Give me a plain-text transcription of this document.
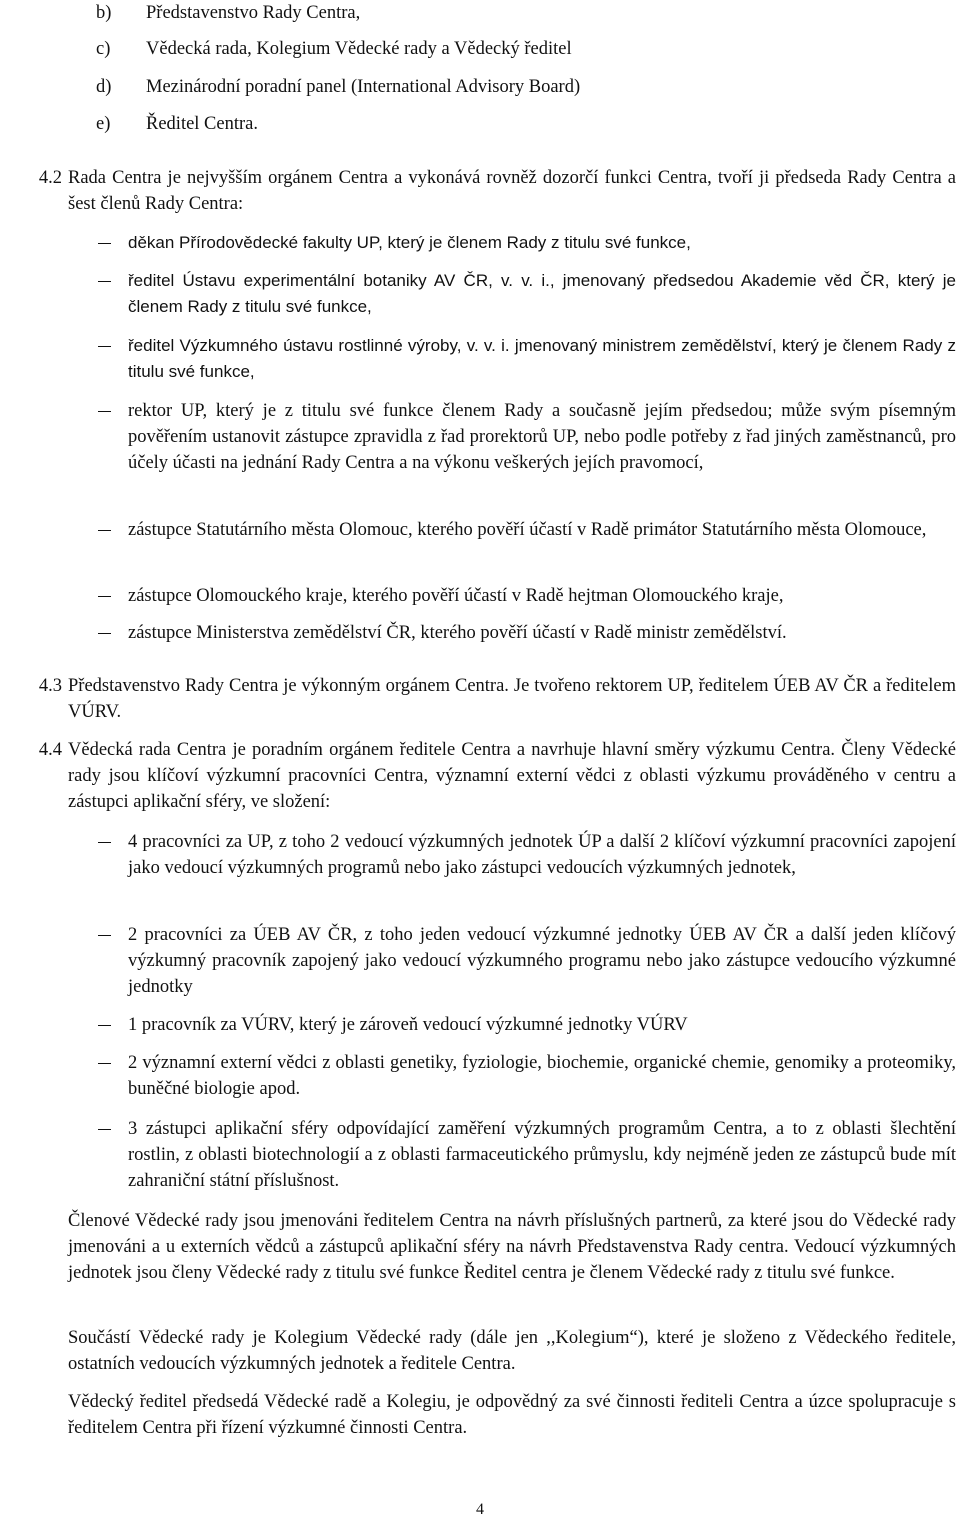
b)	Představenstvo Rady Centra,
c)	Vědecká rada, Kolegium Vědecké rady a Vědecký ředitel
d)	Mezinárodní poradní panel (International Advisory Board)
e)	Ředitel Centra.
4.2 Rada Centra je nejvyšším orgánem Centra a vykonává rovněž dozorčí funkci Centra, tvoří ji předseda Rady Centra a šest členů Rady Centra:
děkan Přírodovědecké fakulty UP, který je členem Rady z titulu své funkce,
ředitel Ústavu experimentální botaniky AV ČR, v. v. i., jmenovaný předsedou Akademie věd ČR, který je členem Rady z titulu své funkce,
ředitel Výzkumného ústavu rostlinné výroby, v. v. i. jmenovaný ministrem zemědělství, který je členem Rady z titulu své funkce,
rektor UP, který je z titulu své funkce členem Rady a současně jejím předsedou; může svým písemným pověřením ustanovit zástupce zpravidla z řad prorektorů UP, nebo podle potřeby z řad jiných zaměstnanců, pro účely účasti na jednání Rady Centra a na výkonu veškerých jejích pravomocí,
zástupce Statutárního města Olomouc, kterého pověří účastí v Radě primátor Statutárního města Olomouce,
zástupce Olomouckého kraje, kterého pověří účastí v Radě hejtman Olomouckého kraje,
zástupce Ministerstva zemědělství ČR, kterého pověří účastí v Radě ministr zemědělství.
4.3 Představenstvo Rady Centra je výkonným orgánem Centra. Je tvořeno rektorem UP, ředitelem ÚEB AV ČR a ředitelem VÚRV.
4.4 Vědecká rada Centra je poradním orgánem ředitele Centra a navrhuje hlavní směry výzkumu Centra. Členy Vědecké rady jsou klíčoví výzkumní pracovníci Centra, významní externí vědci z oblasti výzkumu prováděného v centru a zástupci aplikační sféry, ve složení:
4 pracovníci za UP, z toho 2 vedoucí výzkumných jednotek ÚP a další 2 klíčoví výzkumní pracovníci zapojení jako vedoucí výzkumných programů nebo jako zástupci vedoucích výzkumných jednotek,
2 pracovníci za ÚEB AV ČR, z toho jeden vedoucí výzkumné jednotky ÚEB AV ČR a další jeden klíčový výzkumný pracovník zapojený jako vedoucí výzkumného programu nebo jako zástupce vedoucího výzkumné jednotky
1 pracovník za VÚRV, který je zároveň vedoucí výzkumné jednotky VÚRV
2 významní externí vědci z oblasti genetiky, fyziologie, biochemie, organické chemie, genomiky a proteomiky, buněčné biologie apod.
3 zástupci aplikační sféry odpovídající zaměření výzkumných programům Centra, a to z oblasti šlechtění rostlin, z oblasti biotechnologií a z oblasti farmaceutického průmyslu, kdy nejméně jeden ze zástupců bude mít zahraniční státní příslušnost.
Členové Vědecké rady jsou jmenováni ředitelem Centra na návrh příslušných partnerů, za které jsou do Vědecké rady jmenováni a u externích vědců a zástupců aplikační sféry na návrh Představenstva Rady centra. Vedoucí výzkumných jednotek jsou členy Vědecké rady z titulu své funkce Ředitel centra je členem Vědecké rady z titulu své funkce.
Součástí Vědecké rady je Kolegium Vědecké rady (dále jen ,,Kolegium“), které je složeno z Vědeckého ředitele, ostatních vedoucích výzkumných jednotek a ředitele Centra.
Vědecký ředitel předsedá Vědecké radě a Kolegiu, je odpovědný za své činnosti řediteli Centra a úzce spolupracuje s ředitelem Centra při řízení výzkumné činnosti Centra.
4
